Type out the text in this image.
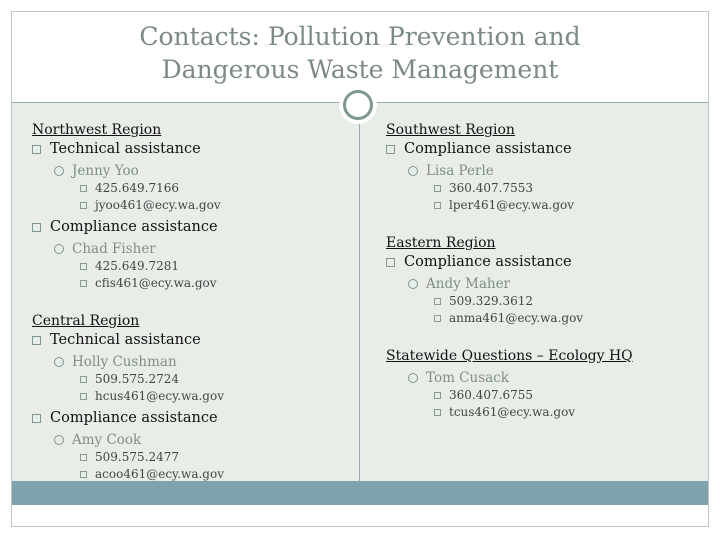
Contacts: Pollution Prevention and
Dangerous Waste Management
Northwest Region
Technical assistance
Jenny Yoo
425.649.7166
jyoo461@ecy.wa.gov
Compliance assistance
Chad Fisher
425.649.7281
cfis461@ecy.wa.gov
Central Region
Technical assistance
Holly Cushman
509.575.2724
hcus461@ecy.wa.gov
Compliance assistance
Amy Cook
509.575.2477
acoo461@ecy.wa.gov
Southwest Region
Compliance assistance
Lisa Perle
360.407.7553
lper461@ecy.wa.gov
Eastern Region
Compliance assistance
Andy Maher
509.329.3612
anma461@ecy.wa.gov
Statewide Questions – Ecology HQ
Tom Cusack
360.407.6755
tcus461@ecy.wa.gov
